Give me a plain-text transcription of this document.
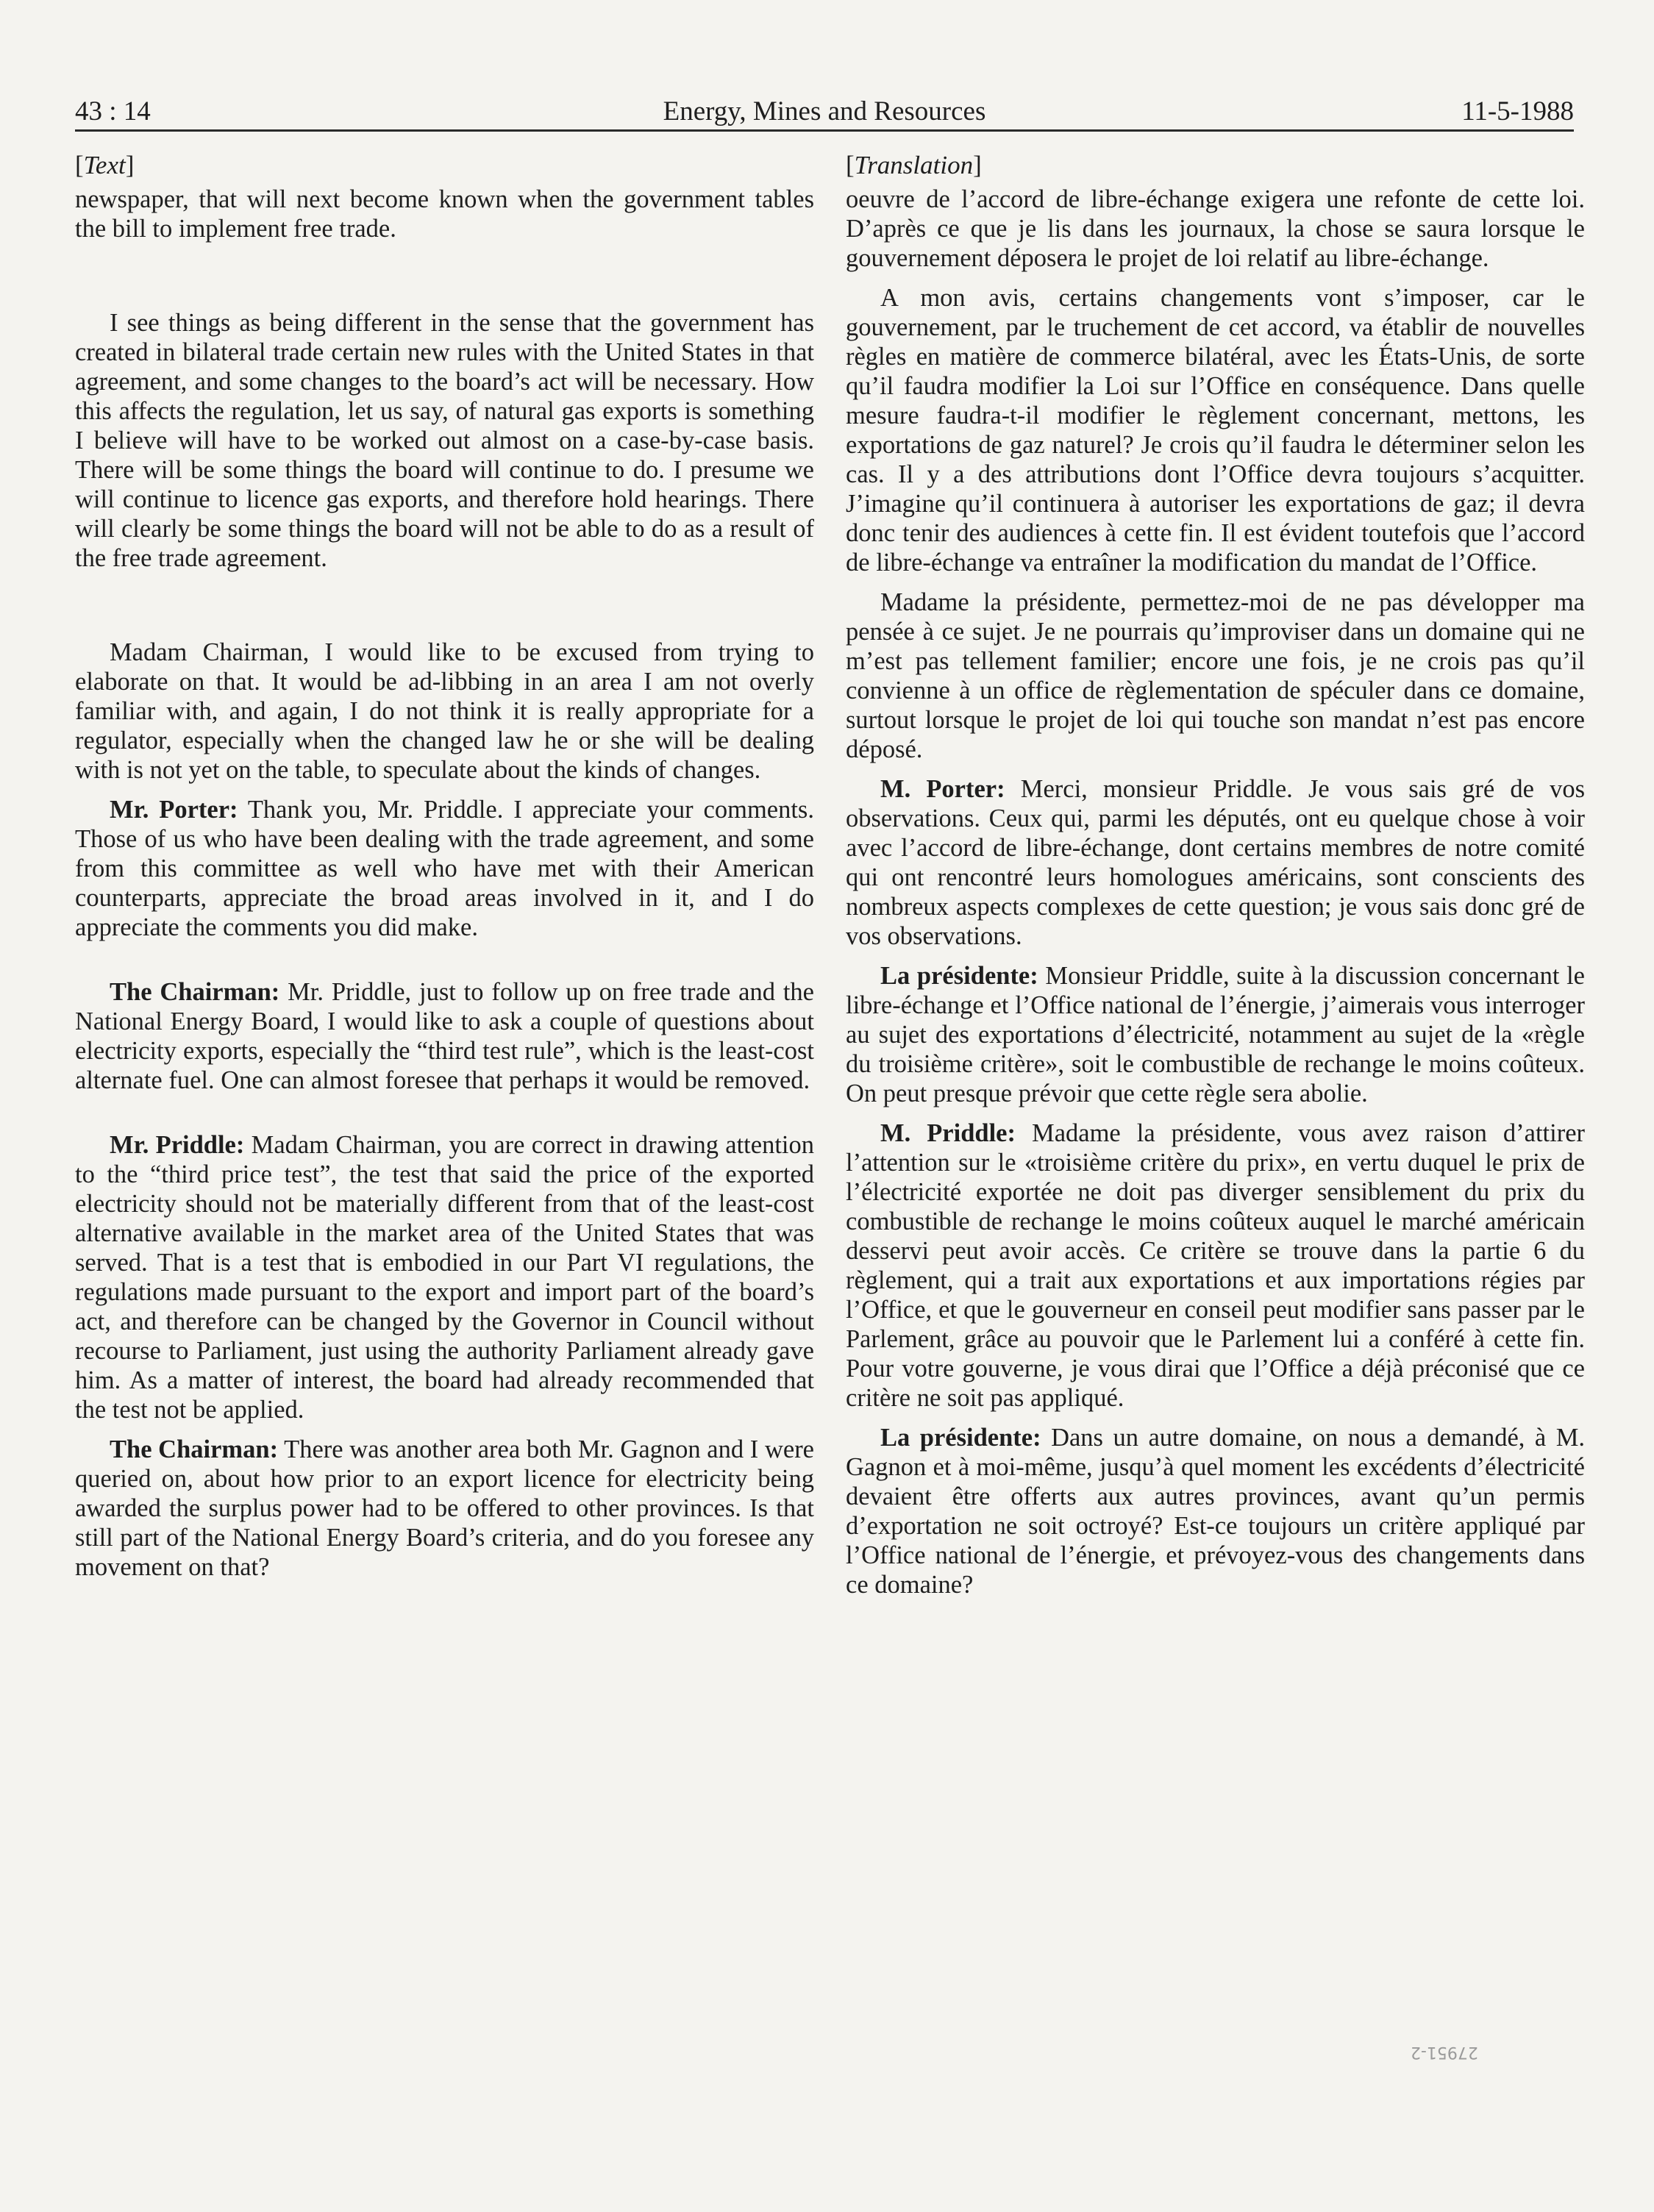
43 : 14	Energy, Mines and Resources	11-5-1988
[Text]

newspaper, that will next become known when the government tables the bill to implement free trade.

I see things as being different in the sense that the government has created in bilateral trade certain new rules with the United States in that agreement, and some changes to the board’s act will be necessary. How this affects the regulation, let us say, of natural gas exports is something I believe will have to be worked out almost on a case-by-case basis. There will be some things the board will continue to do. I presume we will continue to licence gas exports, and therefore hold hearings. There will clearly be some things the board will not be able to do as a result of the free trade agreement.

Madam Chairman, I would like to be excused from trying to elaborate on that. It would be ad-libbing in an area I am not overly familiar with, and again, I do not think it is really appropriate for a regulator, especially when the changed law he or she will be dealing with is not yet on the table, to speculate about the kinds of changes.

Mr. Porter: Thank you, Mr. Priddle. I appreciate your comments. Those of us who have been dealing with the trade agreement, and some from this committee as well who have met with their American counterparts, appreciate the broad areas involved in it, and I do appreciate the comments you did make.

The Chairman: Mr. Priddle, just to follow up on free trade and the National Energy Board, I would like to ask a couple of questions about electricity exports, especially the “third test rule”, which is the least-cost alternate fuel. One can almost foresee that perhaps it would be removed.

Mr. Priddle: Madam Chairman, you are correct in drawing attention to the “third price test”, the test that said the price of the exported electricity should not be materially different from that of the least-cost alternative available in the market area of the United States that was served. That is a test that is embodied in our Part VI regulations, the regulations made pursuant to the export and import part of the board’s act, and therefore can be changed by the Governor in Council without recourse to Parliament, just using the authority Parliament already gave him. As a matter of interest, the board had already recommended that the test not be applied.

The Chairman: There was another area both Mr. Gagnon and I were queried on, about how prior to an export licence for electricity being awarded the surplus power had to be offered to other provinces. Is that still part of the National Energy Board’s criteria, and do you foresee any movement on that?

[Translation]

oeuvre de l’accord de libre-échange exigera une refonte de cette loi. D’après ce que je lis dans les journaux, la chose se saura lorsque le gouvernement déposera le projet de loi relatif au libre-échange.

A mon avis, certains changements vont s’imposer, car le gouvernement, par le truchement de cet accord, va établir de nouvelles règles en matière de commerce bilatéral, avec les États-Unis, de sorte qu’il faudra modifier la Loi sur l’Office en conséquence. Dans quelle mesure faudra-t-il modifier le règlement concernant, mettons, les exportations de gaz naturel? Je crois qu’il faudra le déterminer selon les cas. Il y a des attributions dont l’Office devra toujours s’acquitter. J’imagine qu’il continuera à autoriser les exportations de gaz; il devra donc tenir des audiences à cette fin. Il est évident toutefois que l’accord de libre-échange va entraîner la modification du mandat de l’Office.

Madame la présidente, permettez-moi de ne pas développer ma pensée à ce sujet. Je ne pourrais qu’improviser dans un domaine qui ne m’est pas tellement familier; encore une fois, je ne crois pas qu’il convienne à un office de règlementation de spéculer dans ce domaine, surtout lorsque le projet de loi qui touche son mandat n’est pas encore déposé.

M. Porter: Merci, monsieur Priddle. Je vous sais gré de vos observations. Ceux qui, parmi les députés, ont eu quelque chose à voir avec l’accord de libre-échange, dont certains membres de notre comité qui ont rencontré leurs homologues américains, sont conscients des nombreux aspects complexes de cette question; je vous sais donc gré de vos observations.

La présidente: Monsieur Priddle, suite à la discussion concernant le libre-échange et l’Office national de l’énergie, j’aimerais vous interroger au sujet des exportations d’électricité, notamment au sujet de la «règle du troisième critère», soit le combustible de rechange le moins coûteux. On peut presque prévoir que cette règle sera abolie.

M. Priddle: Madame la présidente, vous avez raison d’attirer l’attention sur le «troisième critère du prix», en vertu duquel le prix de l’électricité exportée ne doit pas diverger sensiblement du prix du combustible de rechange le moins coûteux auquel le marché américain desservi peut avoir accès. Ce critère se trouve dans la partie 6 du règlement, qui a trait aux exportations et aux importations régies par l’Office, et que le gouverneur en conseil peut modifier sans passer par le Parlement, grâce au pouvoir que le Parlement lui a conféré à cette fin. Pour votre gouverne, je vous dirai que l’Office a déjà préconisé que ce critère ne soit pas appliqué.

La présidente: Dans un autre domaine, on nous a demandé, à M. Gagnon et à moi-même, jusqu’à quel moment les excédents d’électricité devaient être offerts aux autres provinces, avant qu’un permis d’exportation ne soit octroyé? Est-ce toujours un critère appliqué par l’Office national de l’énergie, et prévoyez-vous des changements dans ce domaine?

27951-2
